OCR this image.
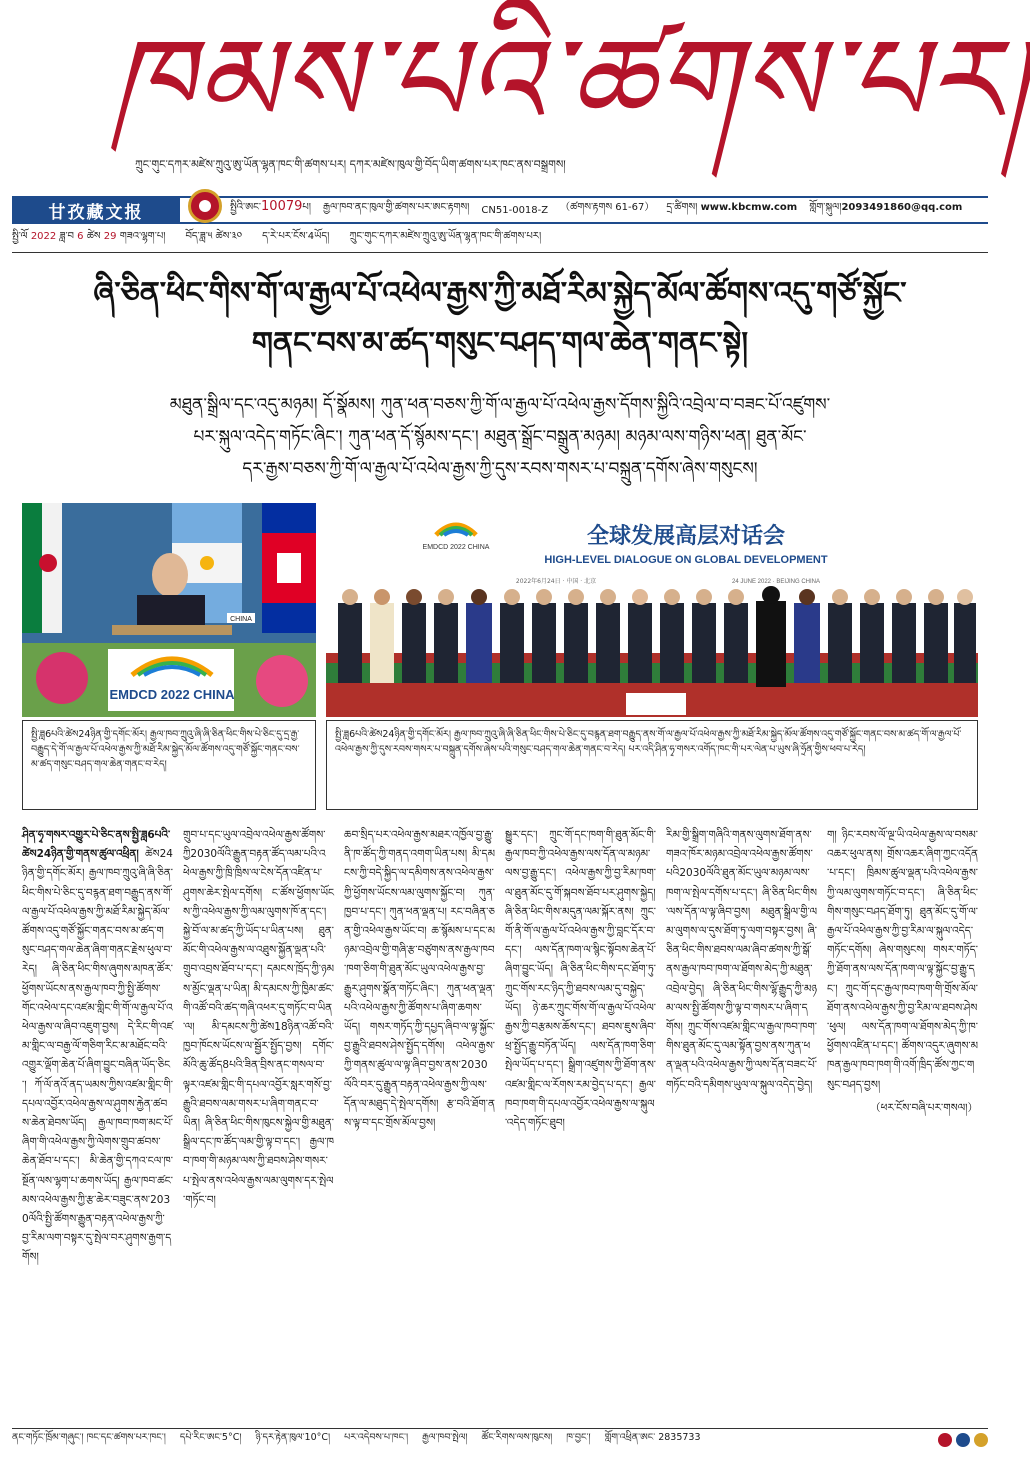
ཁམས་པའི་ཚགས་པར།
ཀྲུང་གུང་དཀར་མཛེས་ཀྲུའུ་ཨུ་ཡོན་ལྷན་ཁང་གི་ཚགས་པར། དཀར་མཛེས་ཁུལ་གྱི་བོད་ཡིག་ཚགས་པར་ཁང་ནས་བསྒྲགས།
甘孜藏文报	སྤྱིའི་ཨང་10079པ། རྒྱལ་ཁབ་ནང་ཁུལ་གྱི་ཚགས་པར་ཨང་རྟགས། CN51-0018-Z （ཚགས་རྟགས 61-67） དྲ་ཚིགས། www.kbcmw.com གློག་སྐུལ།2093491860@qq.com
སྤྱི་ལོ 2022 ཟླ་བ 6 ཚེས 29 གཟའ་ལྷག་པ། བོད་ཟླ་༥ ཚེས་༣༠ ད་རེ་པར་ངོས་4ཡོད། ཀྲུང་གུང་དཀར་མཛེས་ཀྲུའུ་ཨུ་ཡོན་ལྷན་ཁང་གི་ཚགས་པར།
ཞི་ཅིན་ཕིང་གིས་གོ་ལ་རྒྱལ་པོ་འཕེལ་རྒྱས་ཀྱི་མཐོ་རིམ་སྐྱེད་མོལ་ཚོགས་འདུ་གཙོ་སྐྱོང་
གནང་བས་མ་ཚད་གསུང་བཤད་གལ་ཆེན་གནང་སྟེ།
མཐུན་སྒྲིལ་དང་འདུ་མཉམ། དོ་སྣོམས། ཀུན་ཕན་བཅས་ཀྱི་གོ་ལ་རྒྱལ་པོ་འཕེལ་རྒྱས་དོགས་སྐྱིའི་འབྲེལ་བ་བཟང་པོ་འཛུགས་
པར་སྐུལ་འདེད་གཏོང་ཞིང་། ཀུན་ཕན་དོ་སྙོམས་དང་། མཐུན་སྒྲོང་བསྒྲུན་མཉམ། མཉམ་ལས་གཉིས་ཕན། ཐུན་མོང་
དར་རྒྱས་བཅས་ཀྱི་གོ་ལ་རྒྱལ་པོ་འཕེལ་རྒྱས་ཀྱི་དུས་རབས་གསར་པ་བསྐྲུན་དགོས་ཞེས་གསུངས།
CHINA
EMDCD 2022 CHINA
EMDCD 2022 CHINA	全球发展高层对话会
HIGH-LEVEL DIALOGUE ON GLOBAL DEVELOPMENT
2022年6月24日 · 中国 · 北京	24 JUNE 2022 · BEIJING CHINA
སྤྱི་ཟླ6པའི་ཚེས24ཉིན་གྱི་དགོང་མོར། རྒྱལ་ཁབ་ཀྲུའུ་ཞི་ཞི་ཅིན་ཕིང་གིས་པེ་ཅིང་དུ་དྲ་རྒྱ་བརྒྱུད་དེ་གོ་ལ་རྒྱལ་པོ་འཕེལ་རྒྱས་ཀྱི་མཐོ་རིམ་སྐྱེད་མོལ་ཚོགས་འདུ་གཙོ་སྐྱོང་གནང་བས་མ་ཚད་གསུང་བཤད་གལ་ཆེན་གནང་བ་རེད།
སྤྱི་ཟླ6པའི་ཚེས24ཉིན་གྱི་དགོང་མོར། རྒྱལ་ཁབ་ཀྲུའུ་ཞི་ཞི་ཅིན་ཕིང་གིས་པེ་ཅིང་དུ་བརྙན་ཐག་བརྒྱུད་ནས་གོ་ལ་རྒྱལ་པོ་འཕེལ་རྒྱས་ཀྱི་མཐོ་རིམ་སྐྱེད་མོལ་ཚོགས་འདུ་གཙོ་སྐྱོང་གནང་བས་མ་ཚད་གོ་ལ་རྒྱལ་པོ་འཕེལ་རྒྱས་ཀྱི་དུས་རབས་གསར་པ་བསྐྲུན་དགོས་ཞེས་པའི་གསུང་བཤད་གལ་ཆེན་གནང་བ་རེད། པར་འདི་ཤིན་ཧྭ་གསར་འགོད་ཁང་གི་པར་ལེན་པ་ཡུས་ཞི་ཧྲོན་གྱིས་ཕབ་པ་རེད།
ཤིན་ཧྭ་གསར་འགྱུར་པེ་ཅིང་ནས་སྤྱི་ཟླ6པའི་ཚེས24ཉིན་གྱི་གནས་ཚུལ་འཕྲིན། ཚེས24ཉིན་གྱི་དགོང་མོར། རྒྱལ་ཁབ་ཀྲུའུ་ཞི་ཞི་ཅིན་ཕིང་གིས་པེ་ཅིང་དུ་བརྙན་ཐག་བརྒྱུད་ནས་གོ་ལ་རྒྱལ་པོ་འཕེལ་རྒྱས་ཀྱི་མཐོ་རིམ་སྐྱེད་མོལ་ཚོགས་འདུ་གཙོ་སྐྱོང་གནང་བས་མ་ཚད་གསུང་བཤད་གལ་ཆེན་ཞིག་གནང་རྗེས་ཕུལ་བ་རེད། ཞི་ཅིན་ཕིང་གིས་ཞུགས་མཁན་ཚོར་ཕྱོགས་ཡོངས་ནས་རྒྱལ་ཁབ་ཀྱི་སྤྱི་ཚོགས་གོང་འཕེལ་དང་འཛམ་གླིང་གི་གོ་ལ་རྒྱལ་པོ་འཕེལ་རྒྱས་ལ་ཞིབ་འཇུག་བྱས། དེ་རིང་གི་འཛམ་གླིང་ལ་བརྒྱ་ལོ་གཅིག་རིང་མ་མཐོང་བའི་འགྱུར་ལྡོག་ཆེན་པོ་ཞིག་བྱུང་བཞིན་ཡོད་ཅིང་། ཀོ་ལོ་ནའོ་ནད་ཡམས་ཀྱིས་འཛམ་གླིང་གི་དཔལ་འབྱོར་འཕེལ་རྒྱས་ལ་ཤུགས་རྐྱེན་ཚབས་ཆེན་ཐེབས་ཡོད། རྒྱལ་ཁབ་ཁག་མང་པོ་ཞིག་གི་འཕེལ་རྒྱས་ཀྱི་ལེགས་གྲུབ་ཚབས་ཆེན་ཐོབ་པ་དང་། མི་ཆེན་གྱི་དཀའ་ངལ་ཁ་སྔོན་ལས་ལྷག་པ་ཆགས་ཡོད། རྒྱལ་ཁབ་ཚང་མས་འཕེལ་རྒྱས་ཀྱི་རྩ་ཆེར་བཟུང་ནས་2030ལོའི་སྤྱི་ཚོགས་རྒྱུན་བརྟན་འཕེལ་རྒྱས་ཀྱི་བྱ་རིམ་ལག་བསྟར་དུ་སྤེལ་བར་ཤུགས་རྒྱག་དགོས།
གྲུབ་པ་དང་ཡུལ་འབྲེལ་འཕེལ་རྒྱས་ཚོགས་ཀྱི2030ལོའི་རྒྱུན་བརྟན་ཚོད་ལམ་པའི་འཕེལ་རྒྱས་ཀྱི་ཁྲི་ཁྲིས་ལ་ངེས་དོན་འཛིན་པ་ཤུགས་ཆེར་སྤེལ་དགོས། ང་ཚོས་ཕྱོགས་ཡོངས་ཀྱི་འཕེལ་རྒྱས་ཀྱི་ལམ་ལུགས་ཁོ་ན་དང་། སྐྱེ་བོ་ལ་མ་ཚད་ཀྱི་ཡོད་པ་ཡིན་པས། ཐུན་མོང་གི་འཕེལ་རྒྱས་ལ་འཐུས་སྐྱོན་ལྡན་པའི་གྲུབ་འབྲས་ཐོབ་པ་དང་། དམངས་ཁྲོད་ཀྱི་ཉམས་མྱོང་ལྡན་པ་ཡིན། མི་དམངས་ཀྱི་ཁྱིམ་ཚང་གི་འཚོ་བའི་ཚད་གཞི་འཕར་དུ་གཏོང་བ་ཡིན་ལ། མི་དམངས་ཀྱི་ཚེས18ཉིན་འཚོ་བའི་ཁྱབ་ཁོངས་ཡོངས་ལ་སྦྱོར་སྤྱོད་བྱས། དགོང་མོའི་ཆུ་ཚོད8པའི་ཟིན་བྲིས་ནང་གསལ་བ་ལྟར་འཛམ་གླིང་གི་དཔལ་འབྱོར་སླར་གསོ་བྱ་རྒྱུའི་ཐབས་ལམ་གསར་པ་ཞིག་གནང་བ་ཡིན། ཞི་ཅིན་ཕིང་གིས་ཁུངས་སྐྱེལ་གྱི་མཐུན་སྒྲིལ་དང་ཁ་ཚོད་ལམ་གྱི་ལྟ་བ་དང་། རྒྱལ་ཁབ་ཁག་གི་མཉམ་ལས་ཀྱི་ཐབས་ཤེས་གསར་པ་སྤེལ་ནས་འཕེལ་རྒྱས་ལམ་ལུགས་དར་སྤེལ་གཏོང་བ།
ཆབ་སྲིད་པར་འཕེལ་རྒྱས་མཐར་འཁྱོལ་བྱ་རྒྱུ་ནི་ཁ་ཚོད་ཀྱི་གནད་འགག་ཡིན་པས། མི་དམངས་ཀྱི་བདེ་སྐྱིད་ལ་དམིགས་ནས་འཕེལ་རྒྱས་ཀྱི་ཕྱོགས་ཡོངས་ལམ་ལུགས་སྐྱོང་བ། ཀུན་ཁྱབ་པ་དང་། ཀུན་ཕན་ལྡན་པ། རང་བཞིན་ཅན་གྱི་འཕེལ་རྒྱས་ཡོང་བ། ཆ་སྙོམས་པ་དང་མཉམ་འབྲེལ་གྱི་གཞི་རྩ་བཙུགས་ནས་རྒྱལ་ཁབ་ཁག་ཅིག་གི་ཐུན་མོང་ཡུལ་འཕེལ་རྒྱས་བྱ་རྒྱུར་ཤུགས་སྣོན་གཏོང་ཞིང་། ཀུན་ཕན་ལྡན་པའི་འཕེལ་རྒྱས་ཀྱི་ཚོགས་པ་ཞིག་ཆགས་ཡོད། གསར་གཏོད་ཀྱི་དཔྱད་ཞིབ་ལ་ལྟ་སྐྱོང་བྱ་རྒྱུའི་ཐབས་ཤེས་སྤྱོད་དགོས། འཕེལ་རྒྱས་ཀྱི་གནས་ཚུལ་ལ་ལྟ་ཞིབ་བྱས་ནས་2030ལོའི་བར་དུ་རྒྱུན་བརྟན་འཕེལ་རྒྱས་ཀྱི་ལས་དོན་ལ་མཐུད་དེ་སྤེལ་དགོས། རྩ་བའི་ཐོག་ནས་ལྟ་བ་དང་གྲོས་མོལ་བྱས།
སྒྱུར་དང་། ཀྲུང་གོ་དང་ཁག་གི་ཐུན་མོང་གི་རྒྱལ་ཁབ་ཀྱི་འཕེལ་རྒྱས་ལས་དོན་ལ་མཉམ་ལས་བྱ་རྒྱུ་དང་། འཕེལ་རྒྱས་ཀྱི་བྱ་རིམ་ཁག་ལ་ཐུན་མོང་དུ་གོ་སྐབས་ཐོབ་པར་ཤུགས་སྐྱེད། ཞི་ཅིན་ཕིང་གིས་མདུན་ལམ་སྐོར་ནས། ཀྲུང་གོ་ནི་གོ་ལ་རྒྱལ་པོ་འཕེལ་རྒྱས་ཀྱི་བླང་དོར་བ་དང་། ལས་དོན་ཁག་ལ་སྙིང་སྟོབས་ཆེན་པོ་ཞིག་བྱུང་ཡོད། ཞི་ཅིན་ཕིང་གིས་དང་ཐོག་ཏུ་ཀྲུང་གོས་རང་ཉིད་ཀྱི་ཐབས་ལམ་དུ་བསྐྱེད་ཡོད། ཉེ་ཆར་ཀྲུང་གོས་གོ་ལ་རྒྱལ་པོ་འཕེལ་རྒྱས་ཀྱི་བརྩམས་ཆོས་དང་། ཐབས་ཇུས་ཞིབ་ཕྲ་སྤྱོད་རྒྱུ་བཏོན་ཡོད། ལས་དོན་ཁག་ཅིག་སྤེལ་ཡོད་པ་དང་། སྒྲིག་འཛུགས་ཀྱི་ཐོག་ནས་འཛམ་གླིང་ལ་རོགས་རམ་བྱེད་པ་དང་། རྒྱལ་ཁབ་ཁག་གི་དཔལ་འབྱོར་འཕེལ་རྒྱས་ལ་སྐུལ་འདེད་གཏོང་ཐུབ།
རིམ་གྱི་སྒྲིག་གཞིའི་གནས་ལུགས་ཐོག་ནས་གཟའ་ཁོར་མཉམ་འབྲེལ་འཕེལ་རྒྱས་ཚོགས་པའི2030ལོའི་ཐུན་མོང་ཡུལ་མཉམ་ལས་ཁག་ལ་སྤེལ་དགོས་པ་དང་། ཞི་ཅིན་ཕིང་གིས་ལས་དོན་ལ་ལྟ་ཞིབ་བྱས། མཐུན་སྒྲིལ་གྱི་ལམ་ལུགས་ལ་དུས་ཐོག་ཏུ་ལག་བསྟར་བྱས། ཞི་ཅིན་ཕིང་གིས་ཐབས་ལམ་ཞིབ་ཚགས་ཀྱི་སྒོ་ནས་རྒྱལ་ཁབ་ཁག་ལ་ཐོགས་མེད་ཀྱི་མཐུན་འབྲེལ་བྱེད། ཞི་ཅིན་ཕིང་གིས་ལྷོ་རྒྱུད་ཀྱི་མཉམ་ལས་སྤྱི་ཚོགས་ཀྱི་ལྟ་བ་གསར་པ་ཞིག་དགོས། ཀྲུང་གོས་འཛམ་གླིང་ལ་རྒྱལ་ཁབ་ཁག་གིས་ཐུན་མོང་དུ་ལམ་སྟོན་བྱས་ནས་ཀུན་ཕན་ལྡན་པའི་འཕེལ་རྒྱས་ཀྱི་ལས་དོན་བཟང་པོ་གཏོང་བའི་དམིགས་ཡུལ་ལ་སྐུལ་འདེད་བྱེད།
ག། ཉིང་རབས་ལོ་ལྔ་ཡི་འཕེལ་རྒྱས་ལ་བསམ་འཆར་ཕུལ་ནས། གྲོས་འཆར་ཞིག་ཀྱང་འདོན་པ་དང་། ཁྲིམས་ཚུལ་ལྡན་པའི་འཕེལ་རྒྱས་ཀྱི་ལམ་ལུགས་གཏོང་བ་དང་། ཞི་ཅིན་ཕིང་གིས་གསུང་བཤད་ཐོག་ཏུ། ཐུན་མོང་དུ་གོ་ལ་རྒྱལ་པོ་འཕེལ་རྒྱས་ཀྱི་བྱ་རིམ་ལ་སྐུལ་འདེད་གཏོང་དགོས། ཞེས་གསུངས། གསར་གཏོད་ཀྱི་ཐོག་ནས་ལས་དོན་ཁག་ལ་ལྟ་སྐྱོང་བྱ་རྒྱུ་དང་། ཀྲུང་གོ་དང་རྒྱལ་ཁབ་ཁག་གི་གྲོས་མོལ་ཐོག་ནས་འཕེལ་རྒྱས་ཀྱི་བྱ་རིམ་ལ་ཐབས་ཤེས་ཕུལ། ལས་དོན་ཁག་ལ་ཐོགས་མེད་ཀྱི་ཁ་ཕྱོགས་འཛིན་པ་དང་། ཚོགས་འདུར་ཞུགས་མཁན་རྒྱལ་ཁབ་ཁག་གི་འགོ་ཁྲིད་ཚོས་ཀྱང་གསུང་བཤད་བྱས།
（ཕར་ངོས་བཞི་པར་གསལ།）
ནང་གཏོང་ཁྲོམ་གཞུང་། ཁང་དང་ཚགས་པར་ཁང་། དཔེ་རིང་ཨང་5°C། ཉི་དར་རྟེན་ཁུལ་10°C། པར་འདེབས་པ་ཁང་། རྒྱལ་ཁབ་སྤེལ། ཚོང་རིགས་ལས་ཁུངས། ཁ་བྱང་། གློག་འཕྲིན་ཨང་ 2835733
